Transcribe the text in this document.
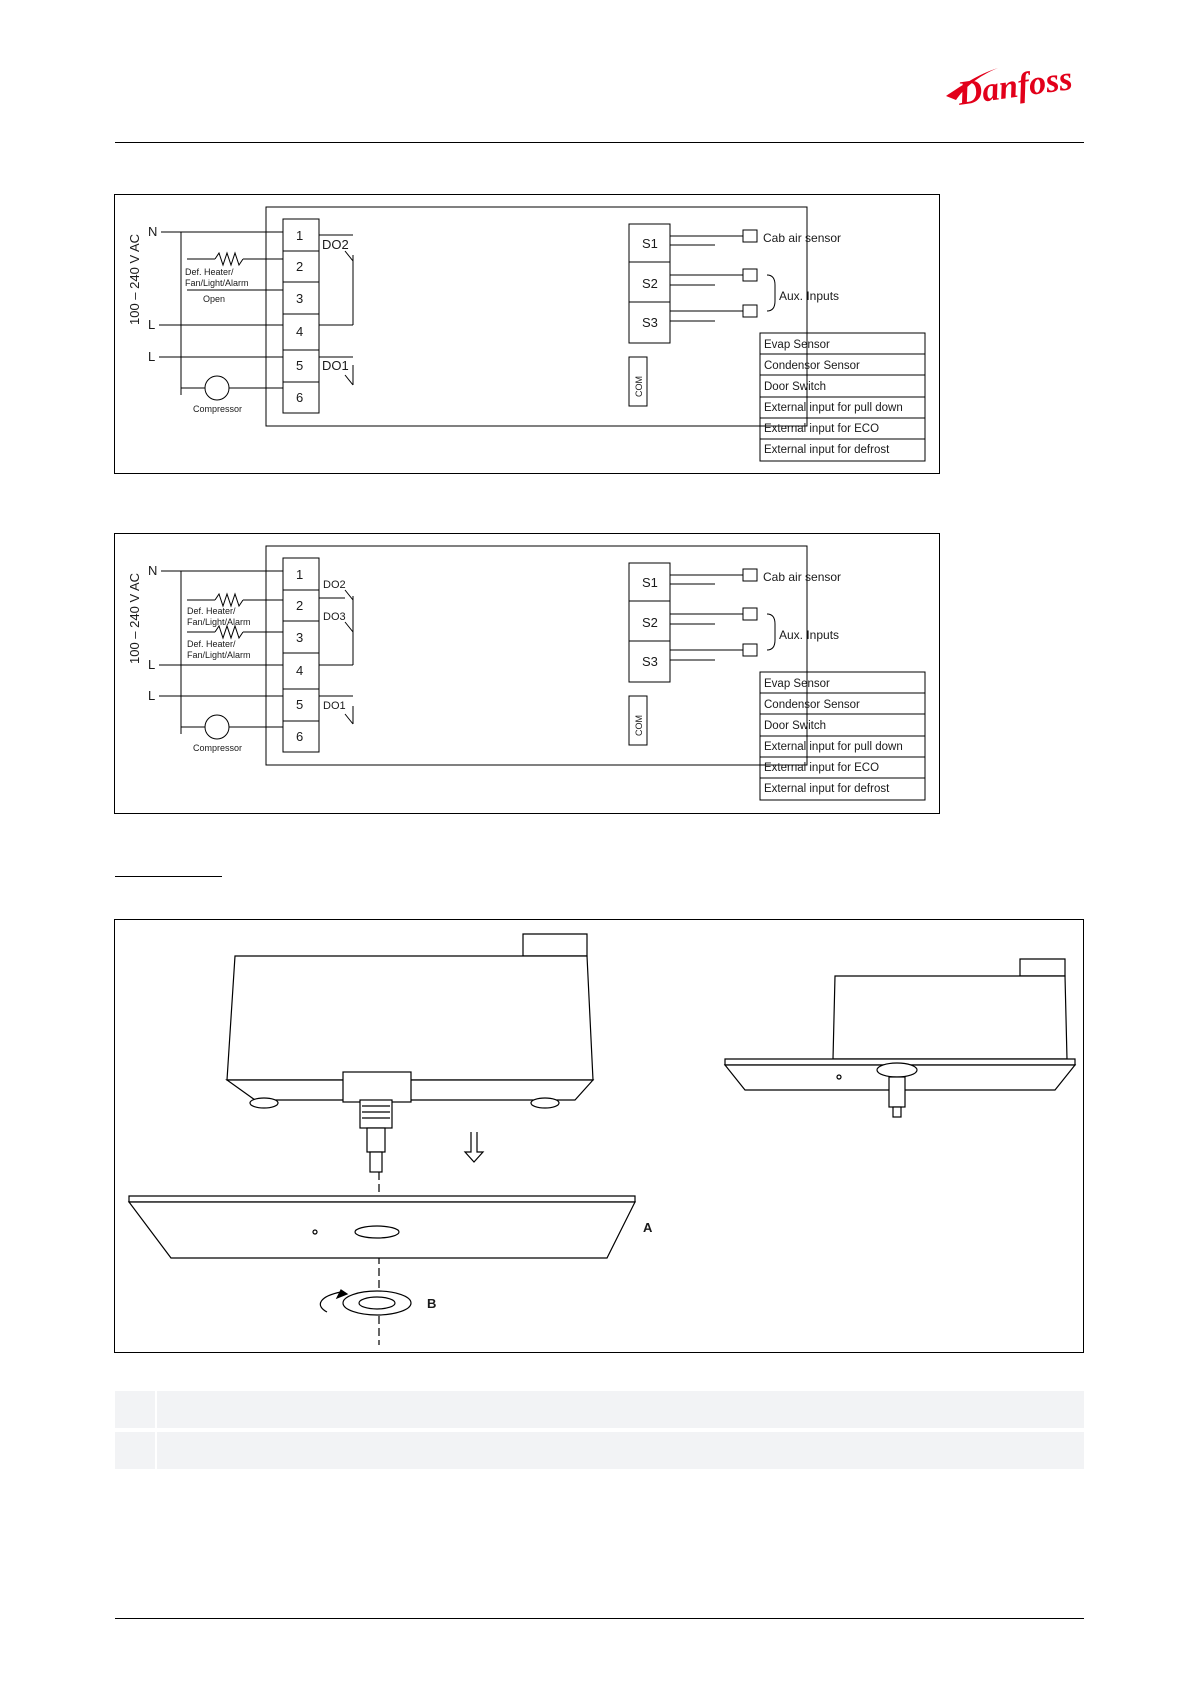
Danfoss
100 – 240 V AC
N
L
L
1
2
3
4
5
6
DO2
DO1
Def. Heater/
Fan/Light/Alarm
Open
Compressor
S1
S2
S3
COM
Cab air sensor
Aux. Inputs
Evap Sensor
Condensor Sensor
Door Switch
External input for pull down
External input for ECO
External input for defrost
100 – 240 V AC
N
L
L
1
2
3
4
5
6
DO2
DO3
DO1
Def. Heater/
Fan/Light/Alarm
Def. Heater/
Fan/Light/Alarm
Compressor
S1
S2
S3
COM
Cab air sensor
Aux. Inputs
Evap Sensor
Condensor Sensor
Door Switch
External input for pull down
External input for ECO
External input for defrost
A
B
